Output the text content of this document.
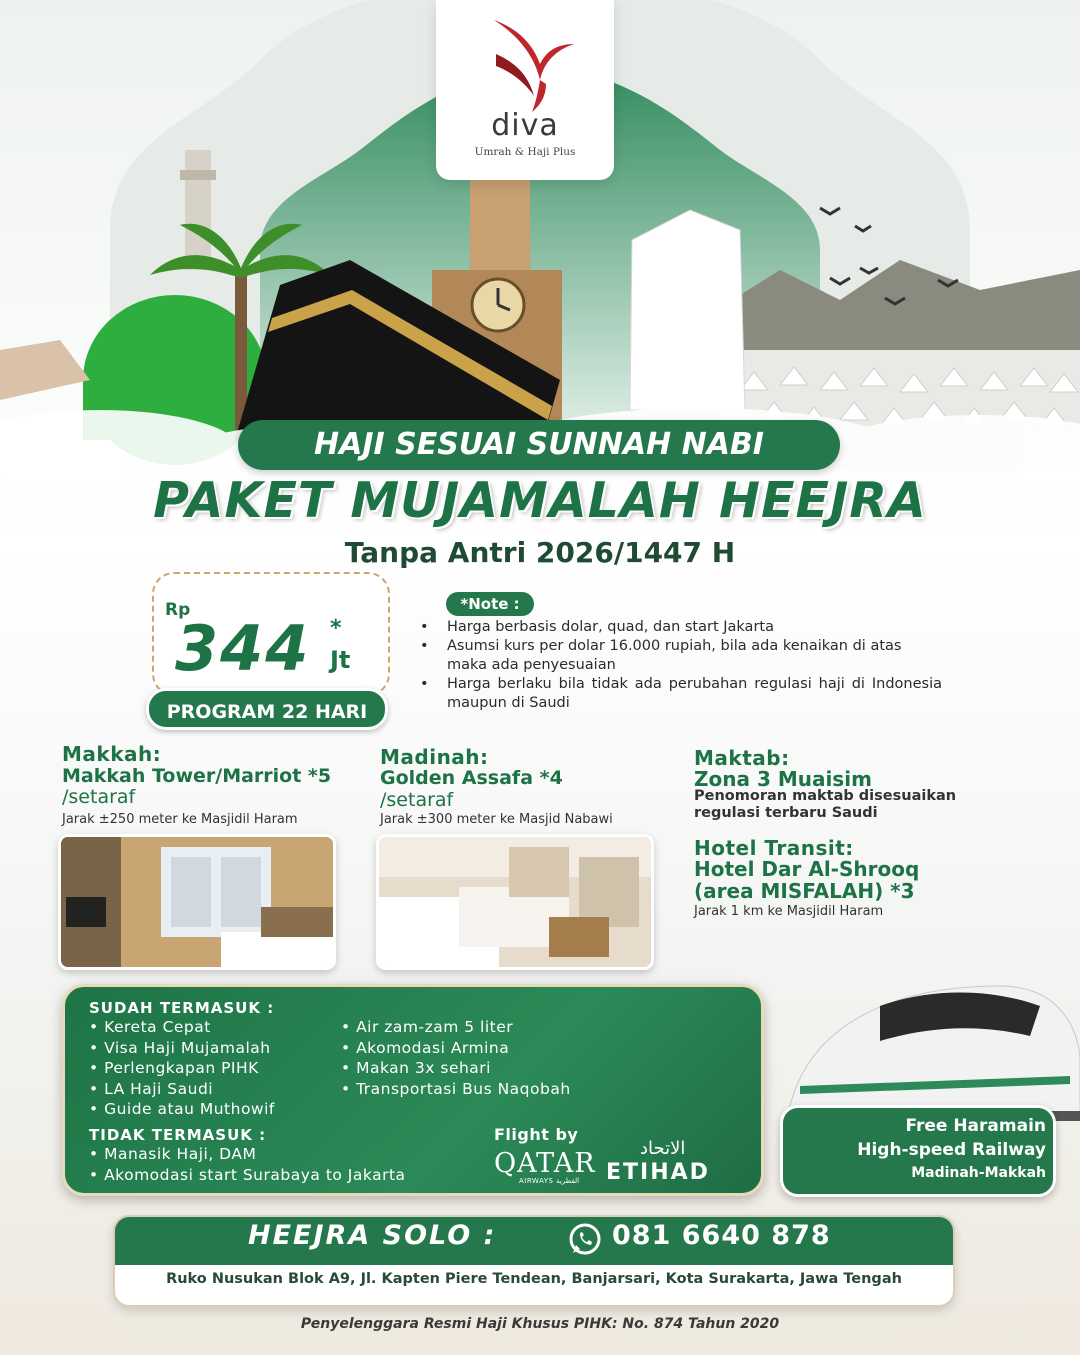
diva
Umrah & Haji Plus
HAJI SESUAI SUNNAH NABI
PAKET MUJAMALAH HEEJRA
Tanpa Antri 2026/1447 H
Rp
344 *
Jt
PROGRAM 22 HARI
*Note :
• Harga berbasis dolar, quad, dan start Jakarta
• Asumsi kurs per dolar 16.000 rupiah, bila ada kenaikan di atas maka ada penyesuaian
• Harga berlaku bila tidak ada perubahan regulasi haji di Indonesia maupun di Saudi
Makkah:
Makkah Tower/Marriot *5
/setaraf
Jarak ±250 meter ke Masjidil Haram
Madinah:
Golden Assafa *4
/setaraf
Jarak ±300 meter ke Masjid Nabawi
Maktab:
Zona 3 Muaisim
Penomoran maktab disesuaikan regulasi terbaru Saudi
Hotel Transit:
Hotel Dar Al-Shrooq
(area MISFALAH) *3
Jarak 1 km ke Masjidil Haram
SUDAH TERMASUK :
• Kereta Cepat
• Visa Haji Mujamalah
• Perlengkapan PIHK
• LA Haji Saudi
• Guide atau Muthowif
• Air zam-zam 5 liter
• Akomodasi Armina
• Makan 3x sehari
• Transportasi Bus Naqobah
TIDAK TERMASUK :
• Manasik Haji, DAM
• Akomodasi start Surabaya to Jakarta
Flight by
QATAR
AIRWAYS القطرية
الاتحاد
ETIHAD
Free Haramain
High-speed Railway
Madinah-Makkah
HEEJRA SOLO :	081 6640 878
Ruko Nusukan Blok A9, Jl. Kapten Piere Tendean, Banjarsari, Kota Surakarta, Jawa Tengah
Penyelenggara Resmi Haji Khusus PIHK: No. 874 Tahun 2020
